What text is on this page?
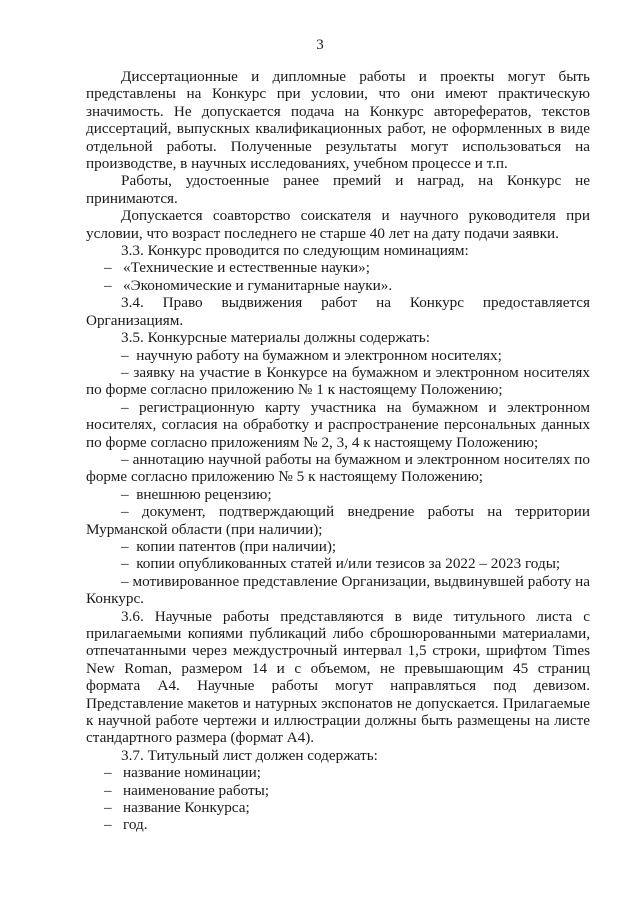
3

Диссертационные и дипломные работы и проекты могут быть представлены на Конкурс при условии, что они имеют практическую значимость. Не допускается подача на Конкурс авторефератов, текстов диссертаций, выпускных квалификационных работ, не оформленных в виде отдельной работы. Полученные результаты могут использоваться на производстве, в научных исследованиях, учебном процессе и т.п.

Работы, удостоенные ранее премий и наград, на Конкурс не принимаются.

Допускается соавторство соискателя и научного руководителя при условии, что возраст последнего не старше 40 лет на дату подачи заявки.

3.3. Конкурс проводится по следующим номинациям:

–   «Технические и естественные науки»;

–   «Экономические и гуманитарные науки».

3.4. Право выдвижения работ на Конкурс предоставляется Организациям.

3.5. Конкурсные материалы должны содержать:

–  научную работу на бумажном и электронном носителях;

– заявку на участие в Конкурсе на бумажном и электронном носителях по форме согласно приложению № 1 к настоящему Положению;

– регистрационную карту участника на бумажном и электронном носителях, согласия на обработку и распространение персональных данных по форме согласно приложениям № 2, 3, 4 к настоящему Положению;

– аннотацию научной работы на бумажном и электронном носителях по форме согласно приложению № 5 к настоящему Положению;

–  внешнюю рецензию;

– документ, подтверждающий внедрение работы на территории Мурманской области (при наличии);

–  копии патентов (при наличии);

–  копии опубликованных статей и/или тезисов за 2022 – 2023 годы;

– мотивированное представление Организации, выдвинувшей работу на Конкурс.

3.6. Научные работы представляются в виде титульного листа с прилагаемыми копиями публикаций либо сброшюрованными материалами, отпечатанными через междустрочный интервал 1,5 строки, шрифтом Times New Roman, размером 14 и с объемом, не превышающим 45 страниц формата А4. Научные работы могут направляться под девизом. Представление макетов и натурных экспонатов не допускается. Прилагаемые к научной работе чертежи и иллюстрации должны быть размещены на листе стандартного размера (формат А4).

3.7. Титульный лист должен содержать:

–   название номинации;

–   наименование работы;

–   название Конкурса;

–   год.
